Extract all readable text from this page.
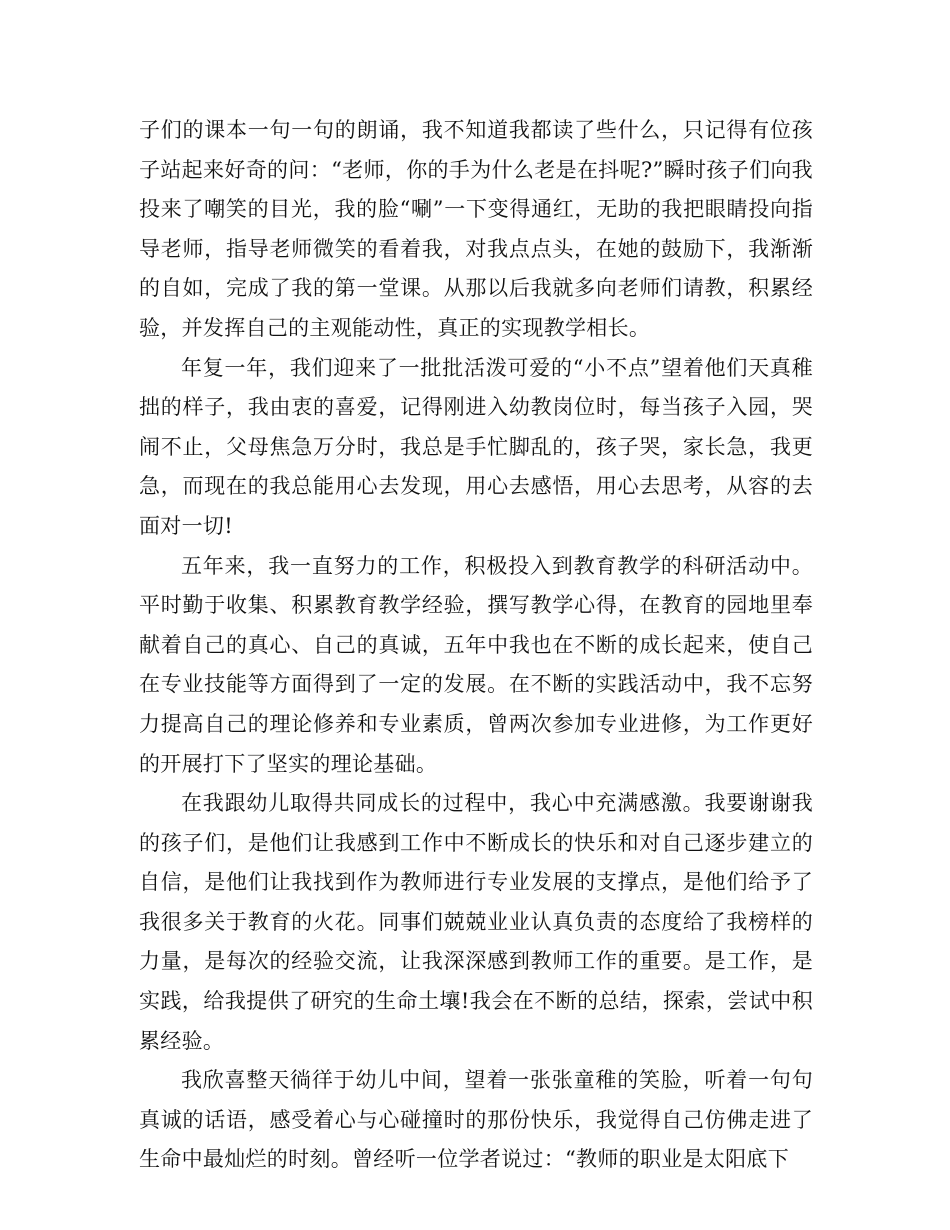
子们的课本一句一句的朗诵，我不知道我都读了些什么，只记得有位孩子站起来好奇的问：“老师，你的手为什么老是在抖呢?”瞬时孩子们向我投来了嘲笑的目光，我的脸“唰”一下变得通红，无助的我把眼睛投向指导老师，指导老师微笑的看着我，对我点点头，在她的鼓励下，我渐渐的自如，完成了我的第一堂课。从那以后我就多向老师们请教，积累经验，并发挥自己的主观能动性，真正的实现教学相长。

年复一年，我们迎来了一批批活泼可爱的“小不点”望着他们天真稚拙的样子，我由衷的喜爱，记得刚进入幼教岗位时，每当孩子入园，哭闹不止，父母焦急万分时，我总是手忙脚乱的，孩子哭，家长急，我更急，而现在的我总能用心去发现，用心去感悟，用心去思考，从容的去面对一切!

五年来，我一直努力的工作，积极投入到教育教学的科研活动中。平时勤于收集、积累教育教学经验，撰写教学心得，在教育的园地里奉献着自己的真心、自己的真诚，五年中我也在不断的成长起来，使自己在专业技能等方面得到了一定的发展。在不断的实践活动中，我不忘努力提高自己的理论修养和专业素质，曾两次参加专业进修，为工作更好的开展打下了坚实的理论基础。

在我跟幼儿取得共同成长的过程中，我心中充满感激。我要谢谢我的孩子们，是他们让我感到工作中不断成长的快乐和对自己逐步建立的自信，是他们让我找到作为教师进行专业发展的支撑点，是他们给予了我很多关于教育的火花。同事们兢兢业业认真负责的态度给了我榜样的力量，是每次的经验交流，让我深深感到教师工作的重要。是工作，是实践，给我提供了研究的生命土壤!我会在不断的总结，探索，尝试中积累经验。

我欣喜整天徜徉于幼儿中间，望着一张张童稚的笑脸，听着一句句真诚的话语，感受着心与心碰撞时的那份快乐，我觉得自己仿佛走进了生命中最灿烂的时刻。曾经听一位学者说过：“教师的职业是太阳底下
